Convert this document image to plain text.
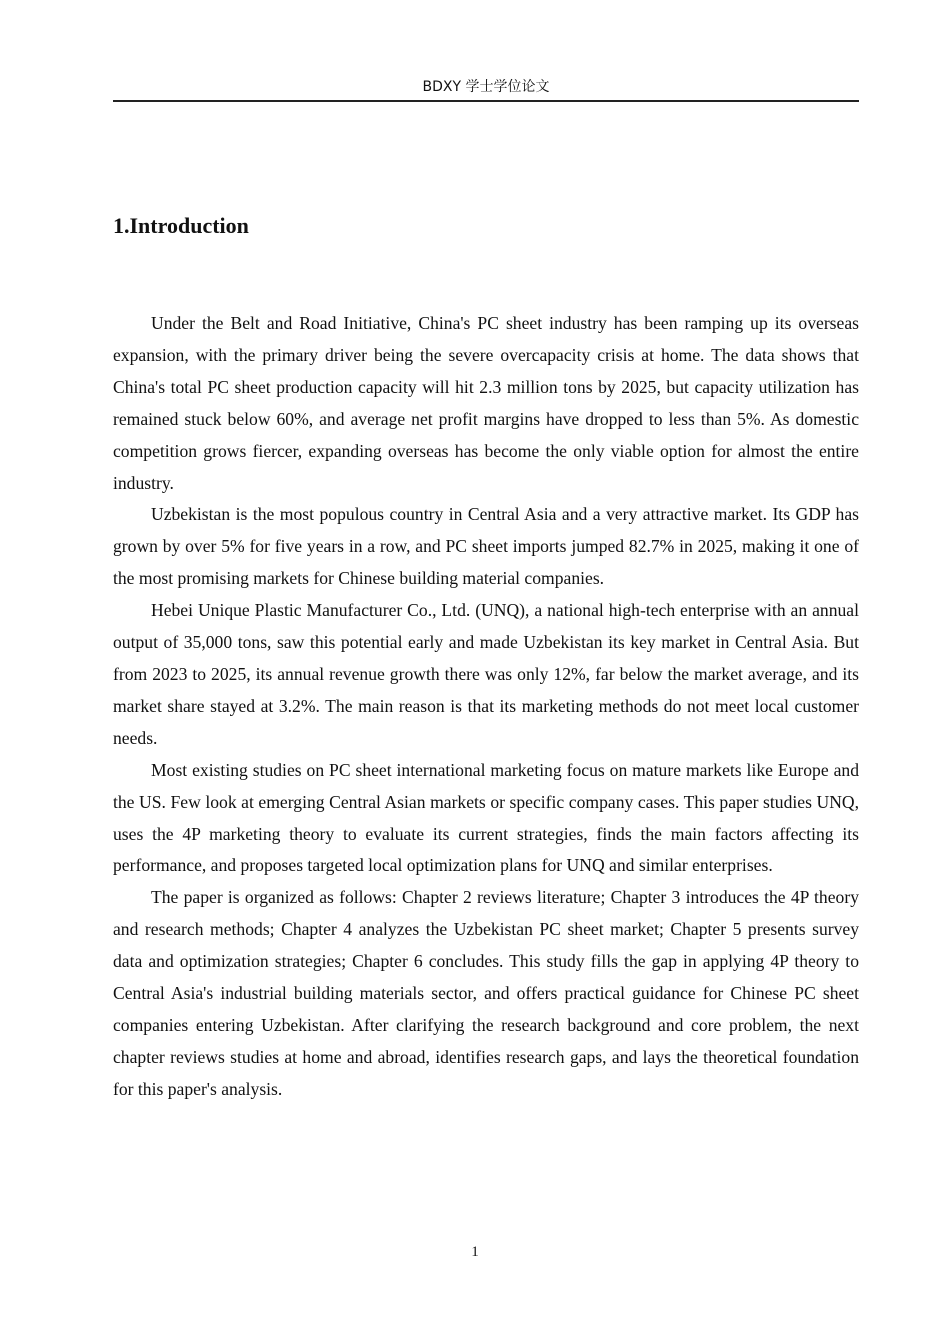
BDXY 学士学位论文
1.Introduction

Under the Belt and Road Initiative, China's PC sheet industry has been ramping up its overseas expansion, with the primary driver being the severe overcapacity crisis at home. The data shows that China's total PC sheet production capacity will hit 2.3 million tons by 2025, but capacity utilization has remained stuck below 60%, and average net profit margins have dropped to less than 5%. As domestic competition grows fiercer, expanding overseas has become the only viable option for almost the entire industry.

Uzbekistan is the most populous country in Central Asia and a very attractive market. Its GDP has grown by over 5% for five years in a row, and PC sheet imports jumped 82.7% in 2025, making it one of the most promising markets for Chinese building material companies.

Hebei Unique Plastic Manufacturer Co., Ltd. (UNQ), a national high-tech enterprise with an annual output of 35,000 tons, saw this potential early and made Uzbekistan its key market in Central Asia. But from 2023 to 2025, its annual revenue growth there was only 12%, far below the market average, and its market share stayed at 3.2%. The main reason is that its marketing methods do not meet local customer needs.

Most existing studies on PC sheet international marketing focus on mature markets like Europe and the US. Few look at emerging Central Asian markets or specific company cases. This paper studies UNQ, uses the 4P marketing theory to evaluate its current strategies, finds the main factors affecting its performance, and proposes targeted local optimization plans for UNQ and similar enterprises.

The paper is organized as follows: Chapter 2 reviews literature; Chapter 3 introduces the 4P theory and research methods; Chapter 4 analyzes the Uzbekistan PC sheet market; Chapter 5 presents survey data and optimization strategies; Chapter 6 concludes. This study fills the gap in applying 4P theory to Central Asia's industrial building materials sector, and offers practical guidance for Chinese PC sheet companies entering Uzbekistan. After clarifying the research background and core problem, the next chapter reviews studies at home and abroad, identifies research gaps, and lays the theoretical foundation for this paper's analysis.

1
